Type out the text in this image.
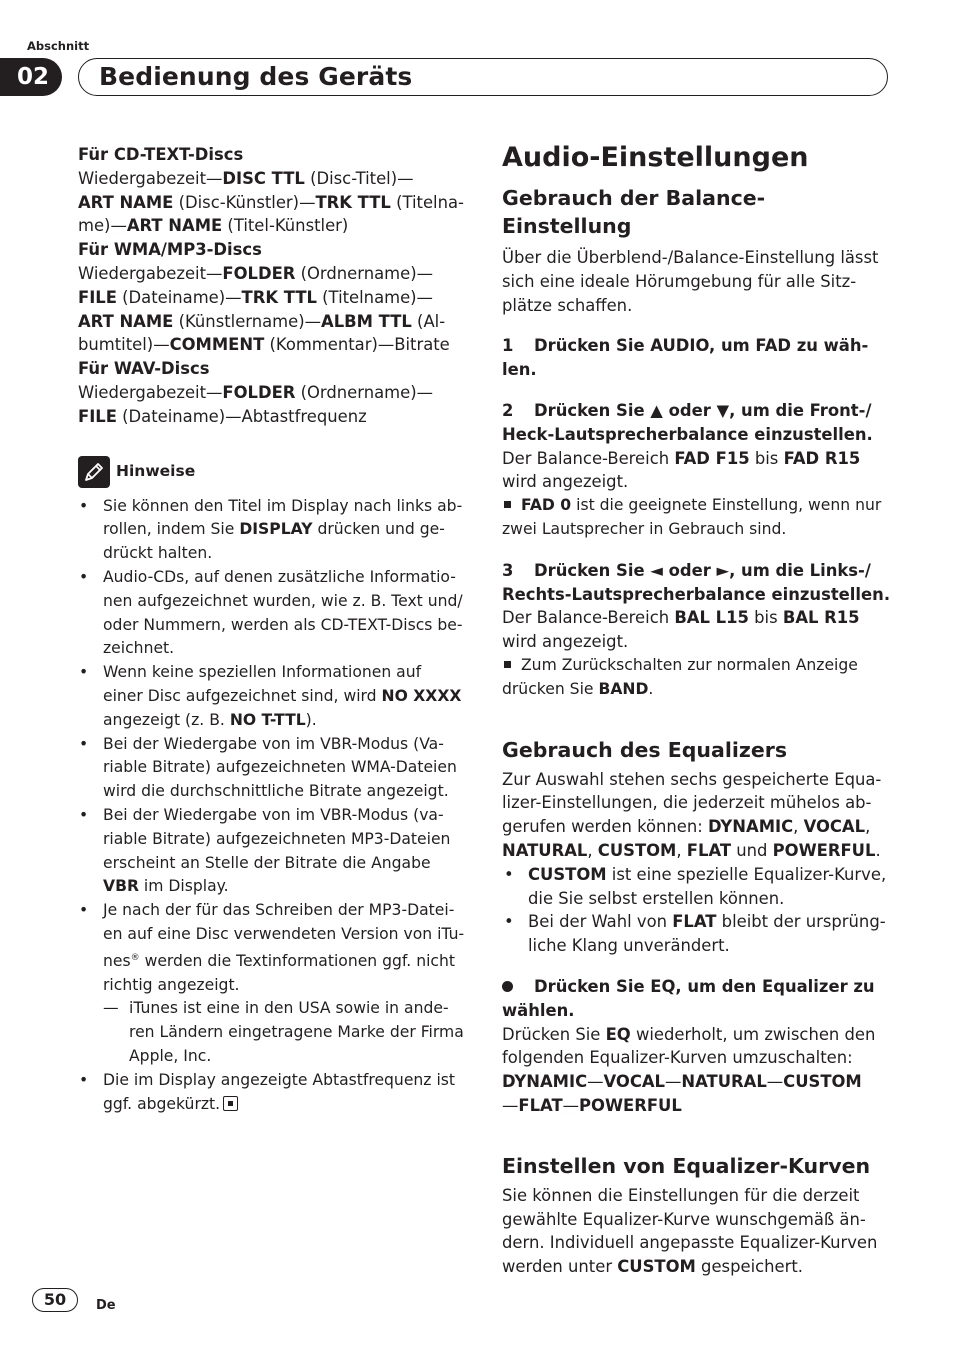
Abschnitt
02	Bedienung des Geräts
Für CD-TEXT-Discs
Wiedergabezeit—DISC TTL (Disc-Titel)—
ART NAME (Disc-Künstler)—TRK TTL (Titelna-
me)—ART NAME (Titel-Künstler)
Für WMA/MP3-Discs
Wiedergabezeit—FOLDER (Ordnername)—
FILE (Dateiname)—TRK TTL (Titelname)—
ART NAME (Künstlername)—ALBM TTL (Al-
bumtitel)—COMMENT (Kommentar)—Bitrate
Für WAV-Discs
Wiedergabezeit—FOLDER (Ordnername)—
FILE (Dateiname)—Abtastfrequenz
Hinweise
• Sie können den Titel im Display nach links ab-
rollen, indem Sie DISPLAY drücken und ge-
drückt halten.
• Audio-CDs, auf denen zusätzliche Informatio-
nen aufgezeichnet wurden, wie z. B. Text und/
oder Nummern, werden als CD-TEXT-Discs be-
zeichnet.
• Wenn keine speziellen Informationen auf
einer Disc aufgezeichnet sind, wird NO XXXX
angezeigt (z. B. NO T-TTL).
• Bei der Wiedergabe von im VBR-Modus (Va-
riable Bitrate) aufgezeichneten WMA-Dateien
wird die durchschnittliche Bitrate angezeigt.
• Bei der Wiedergabe von im VBR-Modus (va-
riable Bitrate) aufgezeichneten MP3-Dateien
erscheint an Stelle der Bitrate die Angabe
VBR im Display.
• Je nach der für das Schreiben der MP3-Datei-
en auf eine Disc verwendeten Version von iTu-
nes® werden die Textinformationen ggf. nicht
richtig angezeigt.
— iTunes ist eine in den USA sowie in ande-
ren Ländern eingetragene Marke der Firma
Apple, Inc.
• Die im Display angezeigte Abtastfrequenz ist
ggf. abgekürzt.
Audio-Einstellungen
Gebrauch der Balance-Einstellung

Über die Überblend-/Balance-Einstellung lässt
sich eine ideale Hörumgebung für alle Sitz-
plätze schaffen.

1 Drücken Sie AUDIO, um FAD zu wäh-
len.

2 Drücken Sie ▲ oder ▼, um die Front-/
Heck-Lautsprecherbalance einzustellen.

Der Balance-Bereich FAD F15 bis FAD R15
wird angezeigt.

FAD 0 ist die geeignete Einstellung, wenn nur
zwei Lautsprecher in Gebrauch sind.

3 Drücken Sie ◄ oder ►, um die Links-/
Rechts-Lautsprecherbalance einzustellen.

Der Balance-Bereich BAL L15 bis BAL R15
wird angezeigt.

Zum Zurückschalten zur normalen Anzeige
drücken Sie BAND.

Gebrauch des Equalizers

Zur Auswahl stehen sechs gespeicherte Equa-
lizer-Einstellungen, die jederzeit mühelos ab-
gerufen werden können: DYNAMIC, VOCAL,
NATURAL, CUSTOM, FLAT und POWERFUL.

• CUSTOM ist eine spezielle Equalizer-Kurve,
die Sie selbst erstellen können.
• Bei der Wahl von FLAT bleibt der ursprüng-
liche Klang unverändert.

Drücken Sie EQ, um den Equalizer zu
wählen.

Drücken Sie EQ wiederholt, um zwischen den
folgenden Equalizer-Kurven umzuschalten:
DYNAMIC—VOCAL—NATURAL—CUSTOM
—FLAT—POWERFUL

Einstellen von Equalizer-Kurven

Sie können die Einstellungen für die derzeit
gewählte Equalizer-Kurve wunschgemäß än-
dern. Individuell angepasste Equalizer-Kurven
werden unter CUSTOM gespeichert.

50	De
